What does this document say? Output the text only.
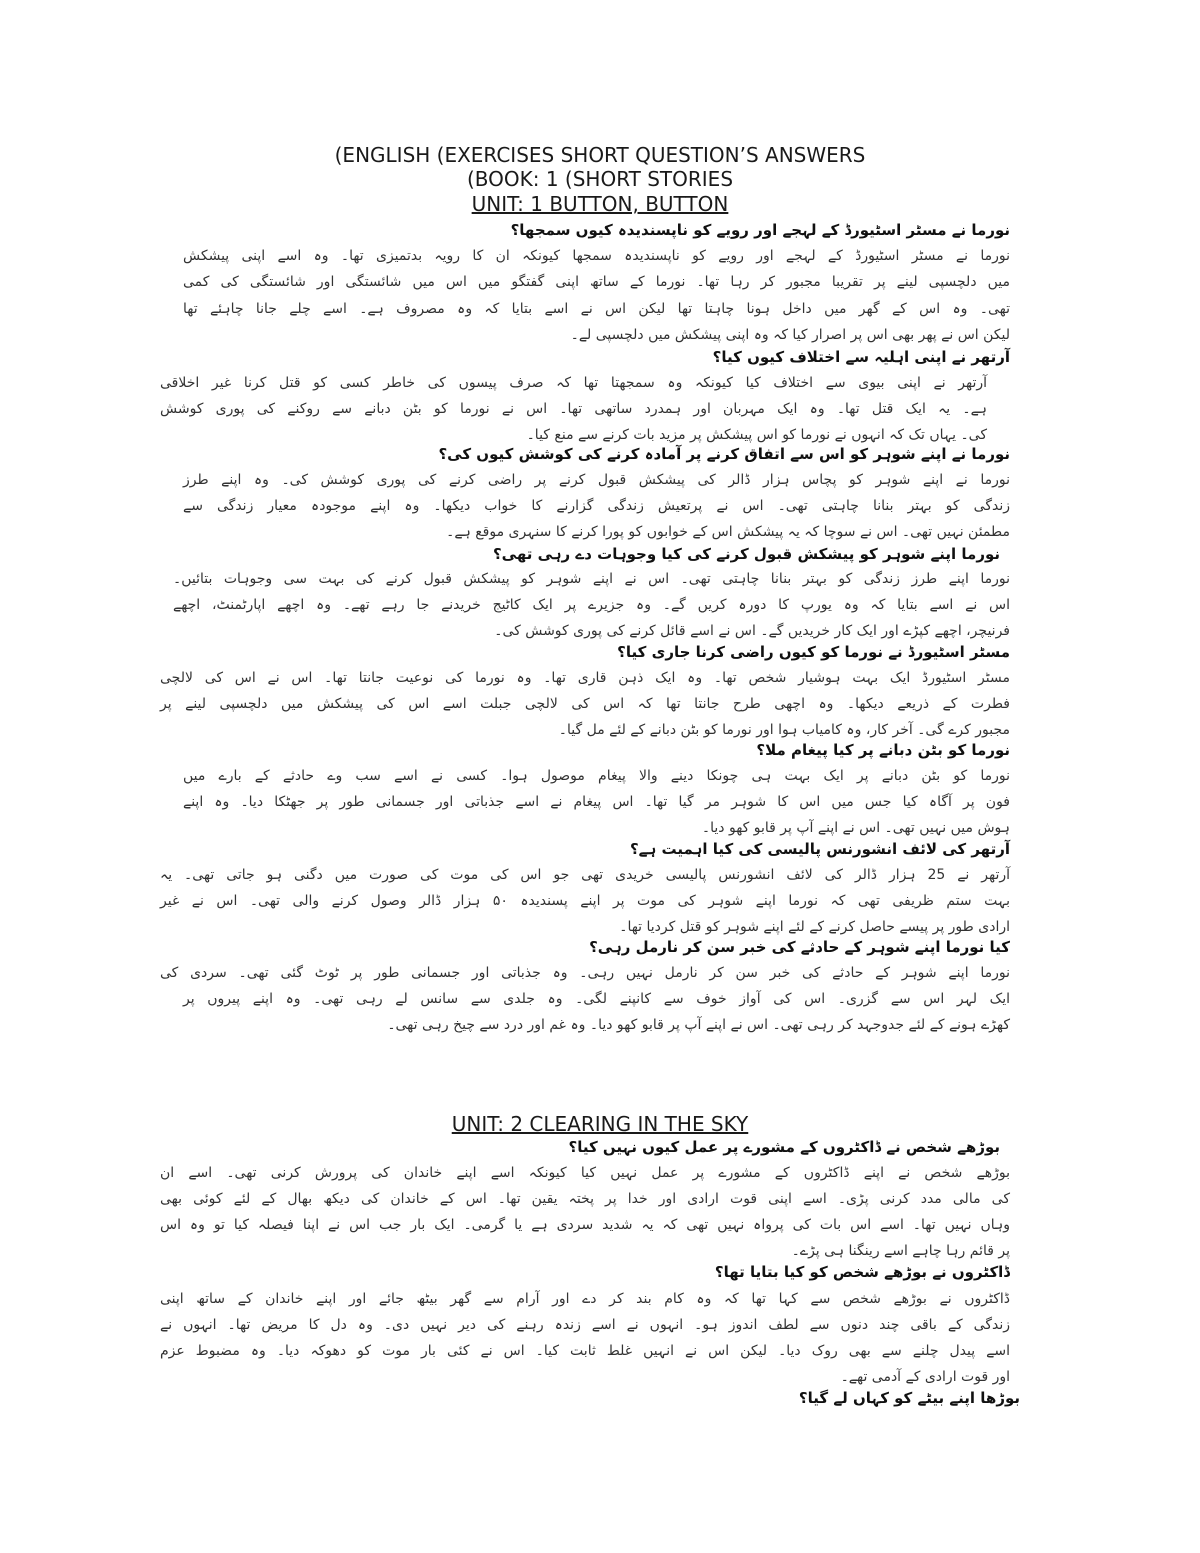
(ENGLISH (EXERCISES SHORT QUESTION’S ANSWERS
(BOOK: 1 (SHORT STORIES
UNIT: 1 BUTTON, BUTTON
نورما نے مسٹر اسٹیورڈ کے لہجے اور رویے کو ناپسندیدہ کیوں سمجھا؟
نورما نے مسٹر اسٹیورڈ کے لہجے اور رویے کو ناپسندیدہ سمجھا کیونکہ ان کا رویہ بدتمیزی تھا۔ وہ اسے اپنی پیشکش
میں دلچسپی لینے پر تقریبا مجبور کر رہا تھا۔ نورما کے ساتھ اپنی گفتگو میں اس میں شائستگی اور شائستگی کی کمی
تھی۔ وہ اس کے گھر میں داخل ہونا چاہتا تھا لیکن اس نے اسے بتایا کہ وہ مصروف ہے۔ اسے چلے جانا چاہئے تھا
لیکن اس نے پھر بھی اس پر اصرار کیا کہ وہ اپنی پیشکش میں دلچسپی لے۔
آرتھر نے اپنی اہلیہ سے اختلاف کیوں کیا؟
آرتھر نے اپنی بیوی سے اختلاف کیا کیونکہ وہ سمجھتا تھا کہ صرف پیسوں کی خاطر کسی کو قتل کرنا غیر اخلاقی
ہے۔ یہ ایک قتل تھا۔ وہ ایک مہربان اور ہمدرد ساتھی تھا۔ اس نے نورما کو بٹن دبانے سے روکنے کی پوری کوشش
کی۔ یہاں تک کہ انہوں نے نورما کو اس پیشکش پر مزید بات کرنے سے منع کیا۔
نورما نے اپنے شوہر کو اس سے اتفاق کرنے پر آمادہ کرنے کی کوشش کیوں کی؟
نورما نے اپنے شوہر کو پچاس ہزار ڈالر کی پیشکش قبول کرنے پر راضی کرنے کی پوری کوشش کی۔ وہ اپنے طرز
زندگی کو بہتر بنانا چاہتی تھی۔ اس نے پرتعیش زندگی گزارنے کا خواب دیکھا۔ وہ اپنے موجودہ معیار زندگی سے
مطمئن نہیں تھی۔ اس نے سوچا کہ یہ پیشکش اس کے خوابوں کو پورا کرنے کا سنہری موقع ہے۔
نورما اپنے شوہر کو پیشکش قبول کرنے کی کیا وجوہات دے رہی تھی؟
نورما اپنے طرز زندگی کو بہتر بنانا چاہتی تھی۔ اس نے اپنے شوہر کو پیشکش قبول کرنے کی بہت سی وجوہات بتائیں۔
اس نے اسے بتایا کہ وہ یورپ کا دورہ کریں گے۔ وہ جزیرے پر ایک کاٹیج خریدنے جا رہے تھے۔ وہ اچھے اپارٹمنٹ، اچھے
فرنیچر، اچھے کپڑے اور ایک کار خریدیں گے۔ اس نے اسے قائل کرنے کی پوری کوشش کی۔
مسٹر اسٹیورڈ نے نورما کو کیوں راضی کرنا جاری کیا؟
مسٹر اسٹیورڈ ایک بہت ہوشیار شخص تھا۔ وہ ایک ذہن قاری تھا۔ وہ نورما کی نوعیت جانتا تھا۔ اس نے اس کی لالچی
فطرت کے ذریعے دیکھا۔ وہ اچھی طرح جانتا تھا کہ اس کی لالچی جبلت اسے اس کی پیشکش میں دلچسپی لینے پر
مجبور کرے گی۔ آخر کار، وہ کامیاب ہوا اور نورما کو بٹن دبانے کے لئے مل گیا۔
نورما کو بٹن دبانے پر کیا پیغام ملا؟
نورما کو بٹن دبانے پر ایک بہت ہی چونکا دینے والا پیغام موصول ہوا۔ کسی نے اسے سب وے حادثے کے بارے میں
فون پر آگاہ کیا جس میں اس کا شوہر مر گیا تھا۔ اس پیغام نے اسے جذباتی اور جسمانی طور پر جھٹکا دیا۔ وہ اپنے
ہوش میں نہیں تھی۔ اس نے اپنے آپ پر قابو کھو دیا۔
آرتھر کی لائف انشورنس پالیسی کی کیا اہمیت ہے؟
آرتھر نے 25 ہزار ڈالر کی لائف انشورنس پالیسی خریدی تھی جو اس کی موت کی صورت میں دگنی ہو جاتی تھی۔ یہ
بہت ستم ظریفی تھی کہ نورما اپنے شوہر کی موت پر اپنے پسندیدہ ۵۰ ہزار ڈالر وصول کرنے والی تھی۔ اس نے غیر
ارادی طور پر پیسے حاصل کرنے کے لئے اپنے شوہر کو قتل کردیا تھا۔
کیا نورما اپنے شوہر کے حادثے کی خبر سن کر نارمل رہی؟
نورما اپنے شوہر کے حادثے کی خبر سن کر نارمل نہیں رہی۔ وہ جذباتی اور جسمانی طور پر ٹوٹ گئی تھی۔ سردی کی
ایک لہر اس سے گزری۔ اس کی آواز خوف سے کانپنے لگی۔ وہ جلدی سے سانس لے رہی تھی۔ وہ اپنے پیروں پر
کھڑے ہونے کے لئے جدوجہد کر رہی تھی۔ اس نے اپنے آپ پر قابو کھو دیا۔ وہ غم اور درد سے چیخ رہی تھی۔
UNIT: 2 CLEARING IN THE SKY
بوڑھے شخص نے ڈاکٹروں کے مشورے پر عمل کیوں نہیں کیا؟
بوڑھے شخص نے اپنے ڈاکٹروں کے مشورے پر عمل نہیں کیا کیونکہ اسے اپنے خاندان کی پرورش کرنی تھی۔ اسے ان
کی مالی مدد کرنی پڑی۔ اسے اپنی قوت ارادی اور خدا پر پختہ یقین تھا۔ اس کے خاندان کی دیکھ بھال کے لئے کوئی بھی
وہاں نہیں تھا۔ اسے اس بات کی پرواہ نہیں تھی کہ یہ شدید سردی ہے یا گرمی۔ ایک بار جب اس نے اپنا فیصلہ کیا تو وہ اس
پر قائم رہا چاہے اسے رینگنا ہی پڑے۔
ڈاکٹروں نے بوڑھے شخص کو کیا بتایا تھا؟
ڈاکٹروں نے بوڑھے شخص سے کہا تھا کہ وہ کام بند کر دے اور آرام سے گھر بیٹھ جائے اور اپنے خاندان کے ساتھ اپنی
زندگی کے باقی چند دنوں سے لطف اندوز ہو۔ انہوں نے اسے زندہ رہنے کی دیر نہیں دی۔ وہ دل کا مریض تھا۔ انہوں نے
اسے پیدل چلنے سے بھی روک دیا۔ لیکن اس نے انہیں غلط ثابت کیا۔ اس نے کئی بار موت کو دھوکہ دیا۔ وہ مضبوط عزم
اور قوت ارادی کے آدمی تھے۔
بوڑھا اپنے بیٹے کو کہاں لے گیا؟
